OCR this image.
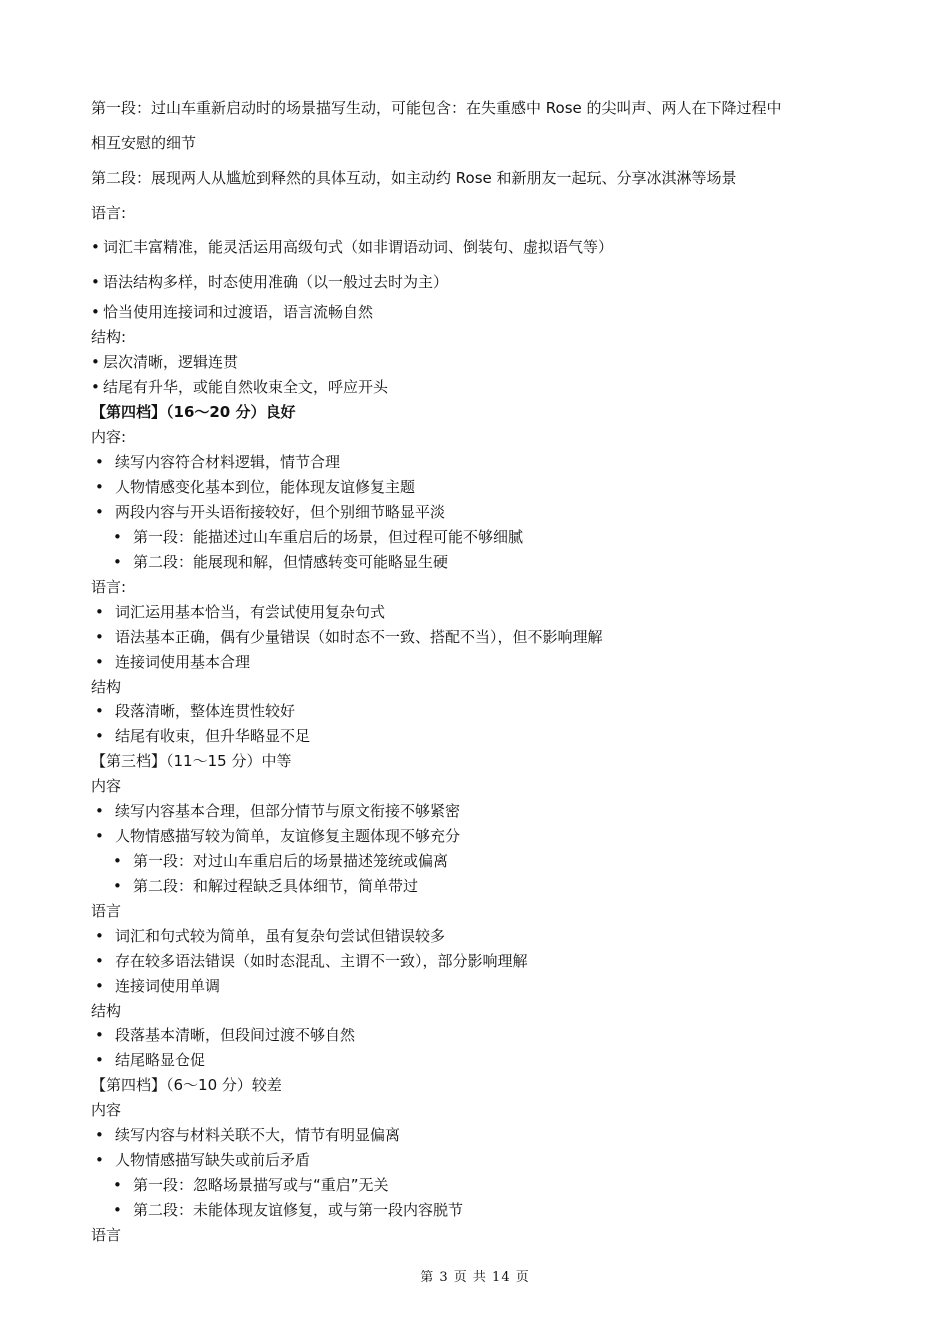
第一段：过山车重新启动时的场景描写生动，可能包含：在失重感中 Rose 的尖叫声、两人在下降过程中
相互安慰的细节
第二段：展现两人从尴尬到释然的具体互动，如主动约 Rose 和新朋友一起玩、分享冰淇淋等场景
语言:
• 词汇丰富精准，能灵活运用高级句式（如非谓语动词、倒装句、虚拟语气等）
• 语法结构多样，时态使用准确（以一般过去时为主）
• 恰当使用连接词和过渡语，语言流畅自然
结构:
• 层次清晰，逻辑连贯
• 结尾有升华，或能自然收束全文，呼应开头
【第四档】（16～20 分）良好
内容:
• 续写内容符合材料逻辑，情节合理
• 人物情感变化基本到位，能体现友谊修复主题
• 两段内容与开头语衔接较好，但个别细节略显平淡
• 第一段：能描述过山车重启后的场景，但过程可能不够细腻
• 第二段：能展现和解，但情感转变可能略显生硬
语言:
• 词汇运用基本恰当，有尝试使用复杂句式
• 语法基本正确，偶有少量错误（如时态不一致、搭配不当），但不影响理解
• 连接词使用基本合理
结构
• 段落清晰，整体连贯性较好
• 结尾有收束，但升华略显不足
【第三档】（11～15 分）中等
内容
• 续写内容基本合理，但部分情节与原文衔接不够紧密
• 人物情感描写较为简单，友谊修复主题体现不够充分
• 第一段：对过山车重启后的场景描述笼统或偏离
• 第二段：和解过程缺乏具体细节，简单带过
语言
• 词汇和句式较为简单，虽有复杂句尝试但错误较多
• 存在较多语法错误（如时态混乱、主谓不一致），部分影响理解
• 连接词使用单调
结构
• 段落基本清晰，但段间过渡不够自然
• 结尾略显仓促
【第四档】（6～10 分）较差
内容
• 续写内容与材料关联不大，情节有明显偏离
• 人物情感描写缺失或前后矛盾
• 第一段：忽略场景描写或与“重启”无关
• 第二段：未能体现友谊修复，或与第一段内容脱节
语言
第 3 页 共 14 页
